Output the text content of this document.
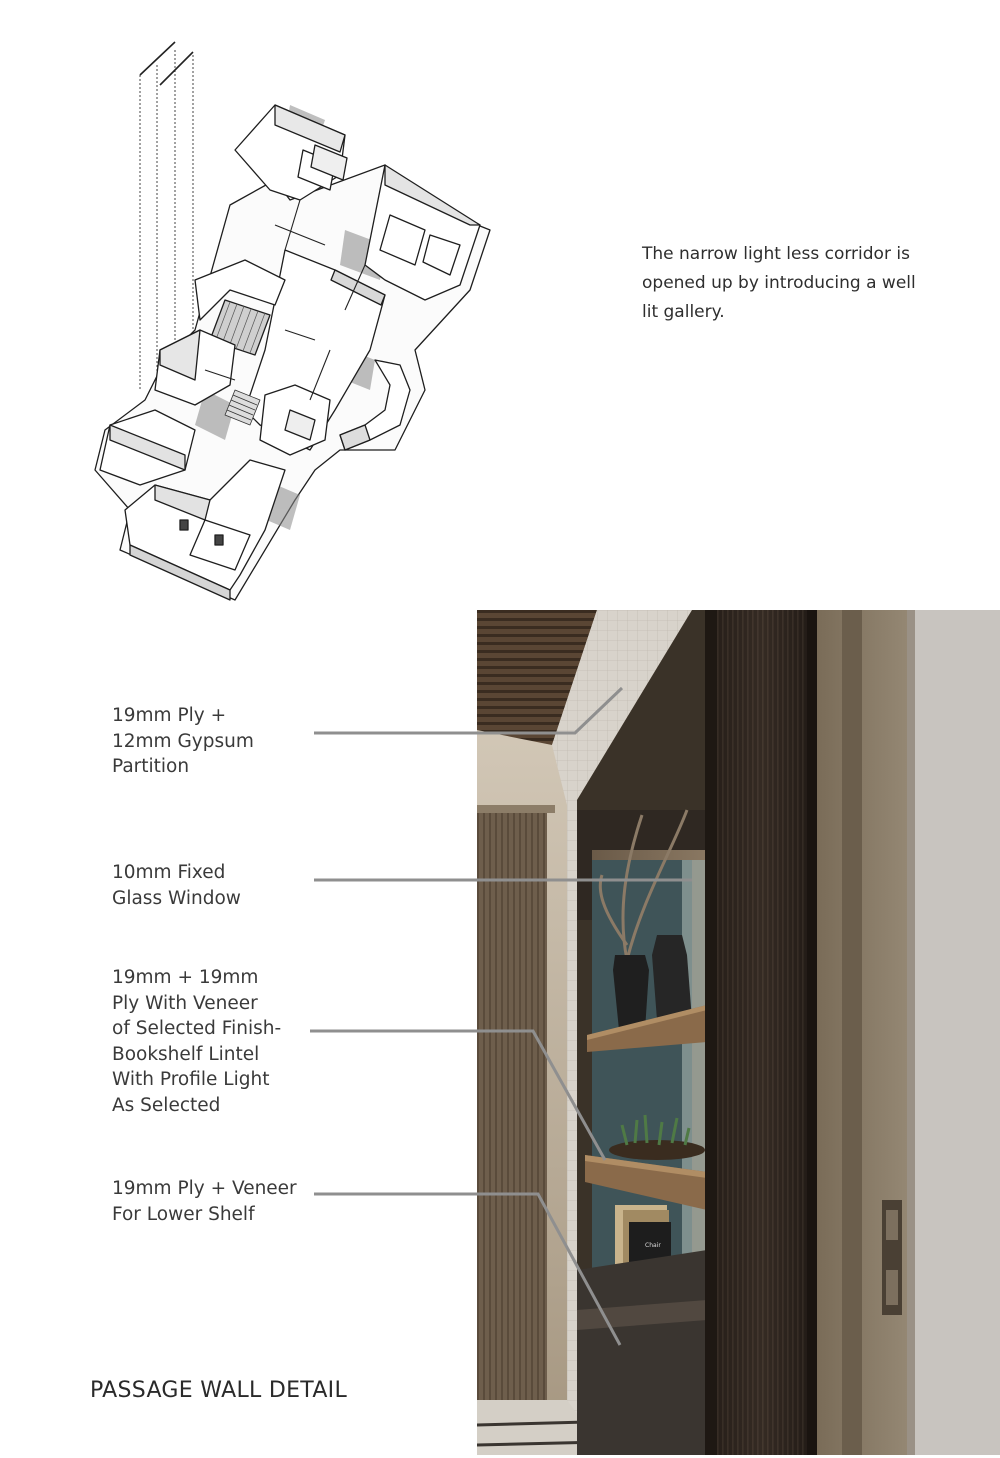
The narrow light less corridor is
opened up by introducing a well
lit gallery.
Chair
19mm Ply +
12mm Gypsum
Partition
10mm Fixed
Glass Window
19mm + 19mm
Ply With Veneer
of Selected Finish-
Bookshelf Lintel
With Profile Light
As Selected
19mm Ply + Veneer
For Lower Shelf
PASSAGE WALL DETAIL
